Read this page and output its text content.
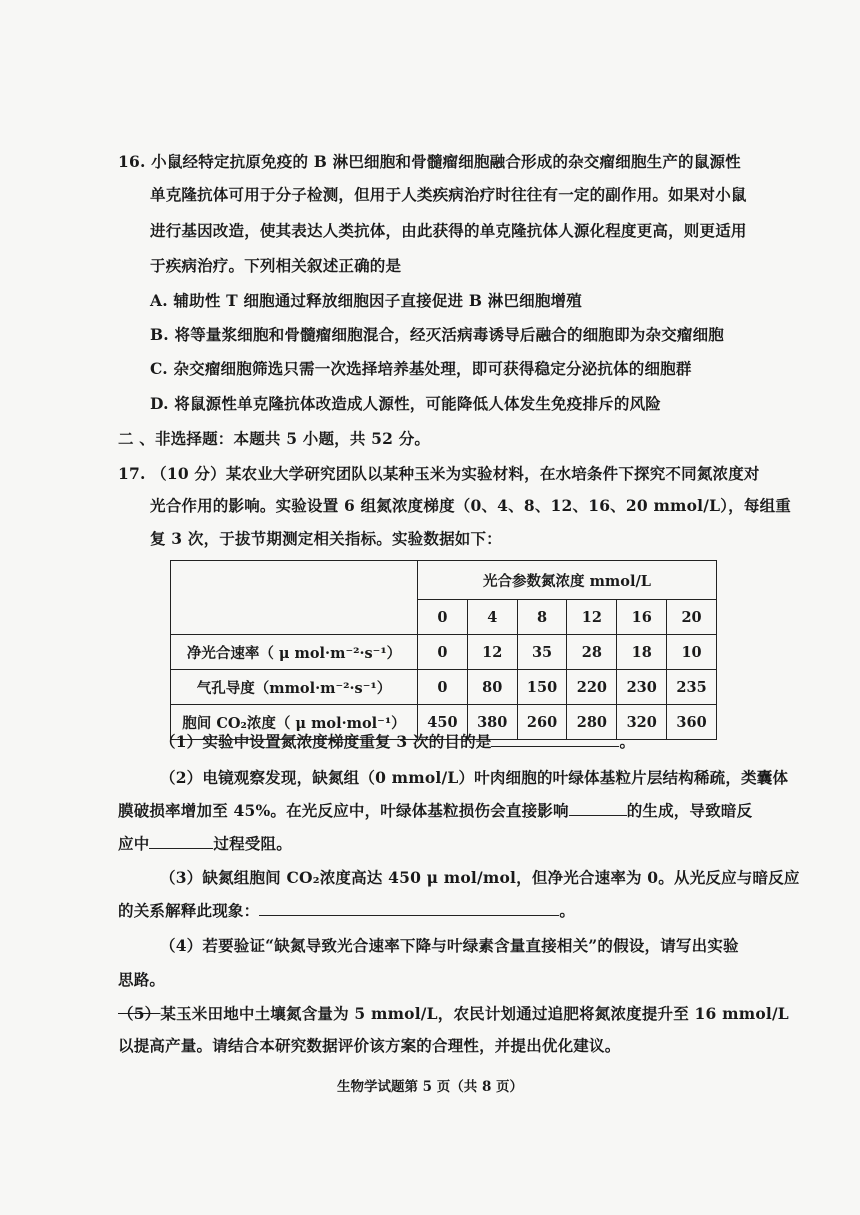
16. 小鼠经特定抗原免疫的 B 淋巴细胞和骨髓瘤细胞融合形成的杂交瘤细胞生产的鼠源性
单克隆抗体可用于分子检测，但用于人类疾病治疗时往往有一定的副作用。如果对小鼠
进行基因改造，使其表达人类抗体，由此获得的单克隆抗体人源化程度更高，则更适用
于疾病治疗。下列相关叙述正确的是
A. 辅助性 T 细胞通过释放细胞因子直接促进 B 淋巴细胞增殖
B. 将等量浆细胞和骨髓瘤细胞混合，经灭活病毒诱导后融合的细胞即为杂交瘤细胞
C. 杂交瘤细胞筛选只需一次选择培养基处理，即可获得稳定分泌抗体的细胞群
D. 将鼠源性单克隆抗体改造成人源性，可能降低人体发生免疫排斥的风险
二 、非选择题：本题共 5 小题，共 52 分。
17. （10 分）某农业大学研究团队以某种玉米为实验材料，在水培条件下探究不同氮浓度对
光合作用的影响。实验设置 6 组氮浓度梯度（0、4、8、12、16、20 mmol/L），每组重
复 3 次，于拔节期测定相关指标。实验数据如下：
	光合参数氮浓度 mmol/L					
	0	4	8	12	16	20
净光合速率（ μ mol·m⁻²·s⁻¹）	0	12	35	28	18	10
气孔导度（mmol·m⁻²·s⁻¹）	0	80	150	220	230	235
胞间 CO₂浓度（ μ mol·mol⁻¹）	450	380	260	280	320	360
（1）实验中设置氮浓度梯度重复 3 次的目的是	。
（2）电镜观察发现，缺氮组（0 mmol/L）叶肉细胞的叶绿体基粒片层结构稀疏，类囊体
膜破损率增加至 45%。在光反应中，叶绿体基粒损伤会直接影响	的生成，导致暗反
应中	过程受阻。
（3）缺氮组胞间 CO₂浓度高达 450 μ mol/mol，但净光合速率为 0。从光反应与暗反应
的关系解释此现象：	。
（4）若要验证“缺氮导致光合速率下降与叶绿素含量直接相关”的假设，请写出实验
思路。
（5）某玉米田地中土壤氮含量为 5 mmol/L，农民计划通过追肥将氮浓度提升至 16 mmol/L
以提高产量。请结合本研究数据评价该方案的合理性，并提出优化建议。
生物学试题第 5 页（共 8 页）
